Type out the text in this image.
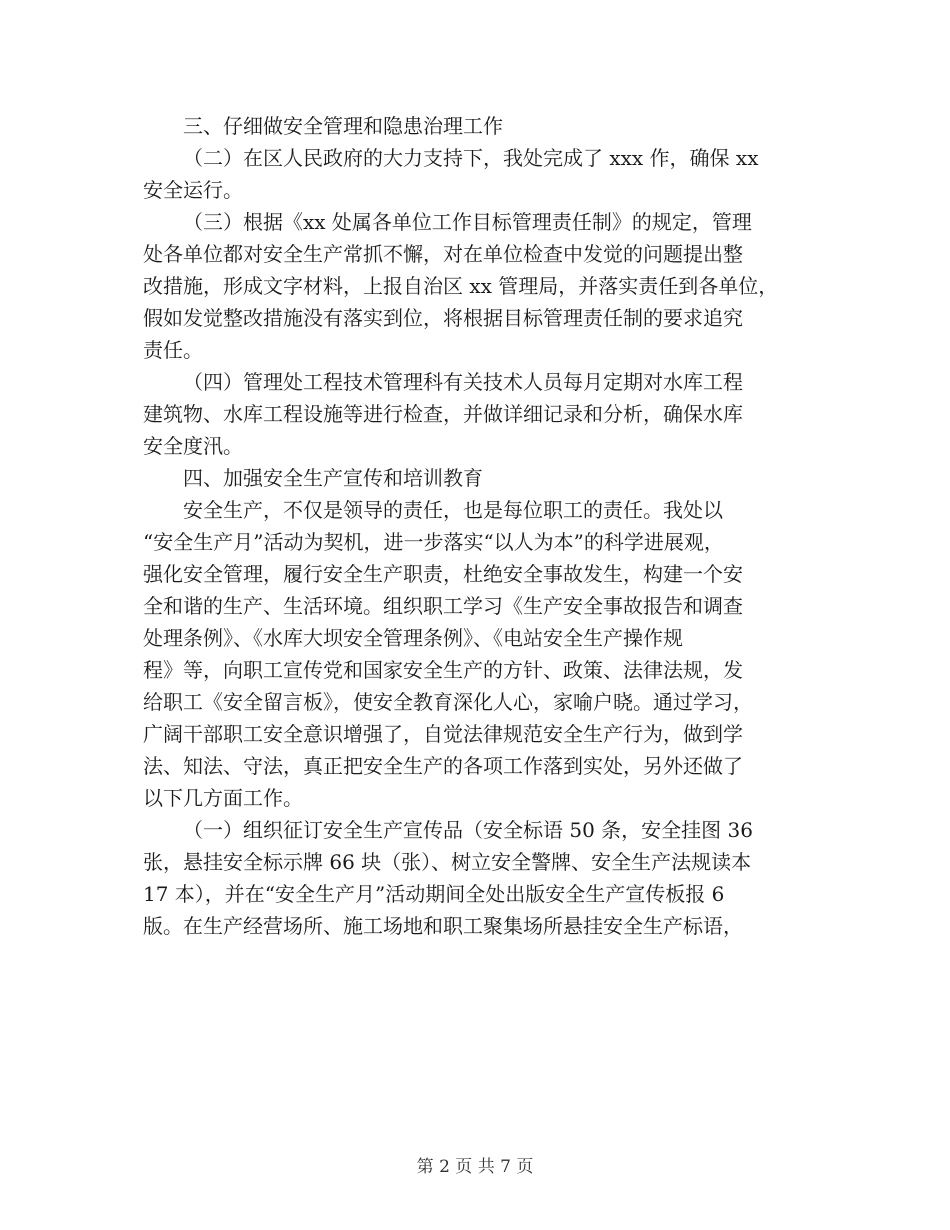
三、仔细做安全管理和隐患治理工作
（二）在区人民政府的大力支持下，我处完成了 xxx 作，确保 xx
安全运行。
（三）根据《xx 处属各单位工作目标管理责任制》的规定，管理
处各单位都对安全生产常抓不懈，对在单位检查中发觉的问题提出整
改措施，形成文字材料，上报自治区 xx 管理局，并落实责任到各单位，
假如发觉整改措施没有落实到位，将根据目标管理责任制的要求追究
责任。
（四）管理处工程技术管理科有关技术人员每月定期对水库工程
建筑物、水库工程设施等进行检查，并做详细记录和分析，确保水库
安全度汛。
四、加强安全生产宣传和培训教育
安全生产，不仅是领导的责任，也是每位职工的责任。我处以
“安全生产月”活动为契机，进一步落实“以人为本”的科学进展观，
强化安全管理，履行安全生产职责，杜绝安全事故发生，构建一个安
全和谐的生产、生活环境。组织职工学习《生产安全事故报告和调查
处理条例》、《水库大坝安全管理条例》、《电站安全生产操作规
程》等，向职工宣传党和国家安全生产的方针、政策、法律法规，发
给职工《安全留言板》，使安全教育深化人心，家喻户晓。通过学习，
广阔干部职工安全意识增强了，自觉法律规范安全生产行为，做到学
法、知法、守法，真正把安全生产的各项工作落到实处，另外还做了
以下几方面工作。
（一）组织征订安全生产宣传品（安全标语 50 条，安全挂图 36
张，悬挂安全标示牌 66 块（张）、树立安全警牌、安全生产法规读本
17 本），并在“安全生产月”活动期间全处出版安全生产宣传板报 6
版。在生产经营场所、施工场地和职工聚集场所悬挂安全生产标语，
第 2 页 共 7 页
